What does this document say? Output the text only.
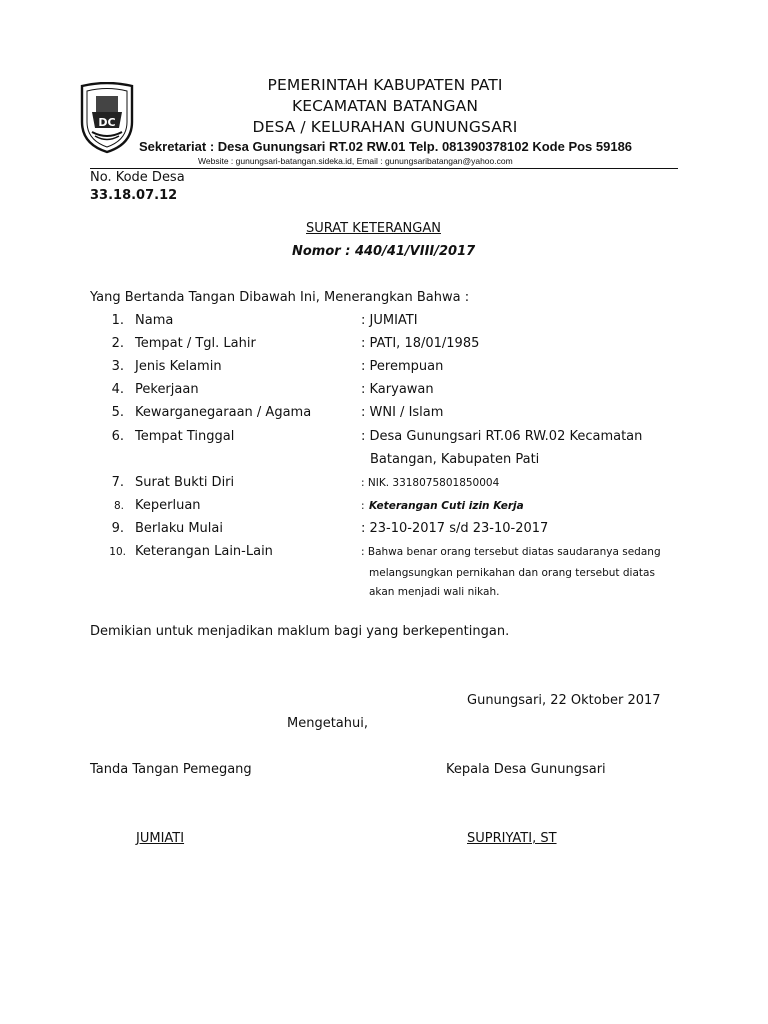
DC
PEMERINTAH KABUPATEN PATI
KECAMATAN BATANGAN
DESA / KELURAHAN GUNUNGSARI
Sekretariat : Desa Gunungsari RT.02 RW.01 Telp. 081390378102 Kode Pos 59186
Website : gunungsari-batangan.sideka.id, Email : gunungsaribatangan@yahoo.com
No. Kode Desa
33.18.07.12
SURAT KETERANGAN
Nomor : 440/41/VIII/2017
Yang Bertanda Tangan Dibawah Ini, Menerangkan Bahwa :
1. Nama	: JUMIATI
2. Tempat / Tgl. Lahir	: PATI, 18/01/1985
3. Jenis Kelamin	: Perempuan
4. Pekerjaan	: Karyawan
5. Kewarganegaraan / Agama	: WNI / Islam
6. Tempat Tinggal	: Desa Gunungsari RT.06 RW.02 Kecamatan
Batangan, Kabupaten Pati
7. Surat Bukti Diri	: NIK. 3318075801850004
8. Keperluan	: Keterangan Cuti izin Kerja
9. Berlaku Mulai	: 23-10-2017 s/d 23-10-2017
10. Keterangan Lain-Lain	: Bahwa benar orang tersebut diatas saudaranya sedang
melangsungkan pernikahan dan orang tersebut diatas
akan menjadi wali nikah.
Demikian untuk menjadikan maklum bagi yang berkepentingan.
Gunungsari, 22 Oktober 2017
Mengetahui,
Tanda Tangan Pemegang	Kepala Desa Gunungsari
JUMIATI	SUPRIYATI, ST
